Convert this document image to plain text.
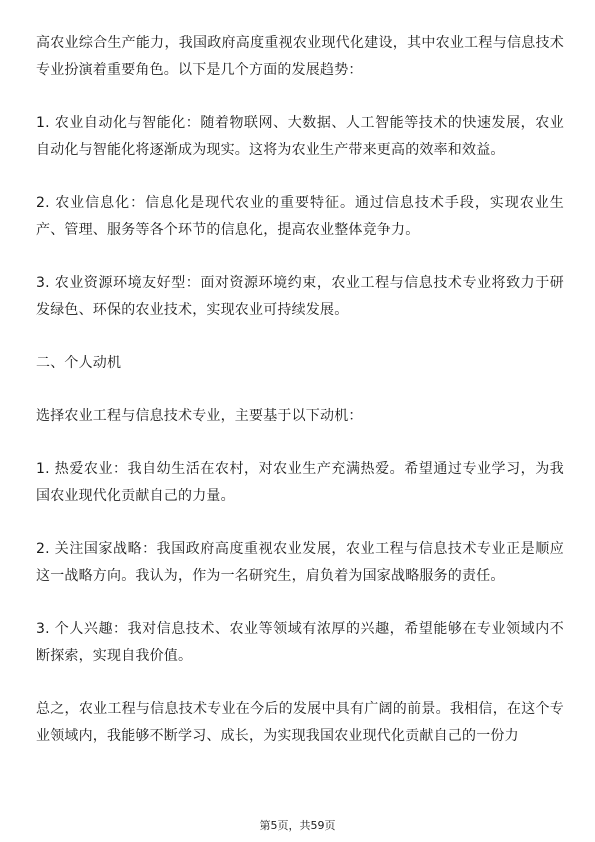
高农业综合生产能力，我国政府高度重视农业现代化建设，其中农业工程与信息技术专业扮演着重要角色。以下是几个方面的发展趋势：

1. 农业自动化与智能化：随着物联网、大数据、人工智能等技术的快速发展，农业自动化与智能化将逐渐成为现实。这将为农业生产带来更高的效率和效益。

2. 农业信息化：信息化是现代农业的重要特征。通过信息技术手段，实现农业生产、管理、服务等各个环节的信息化，提高农业整体竞争力。

3. 农业资源环境友好型：面对资源环境约束，农业工程与信息技术专业将致力于研发绿色、环保的农业技术，实现农业可持续发展。

二、个人动机

选择农业工程与信息技术专业，主要基于以下动机：

1. 热爱农业：我自幼生活在农村，对农业生产充满热爱。希望通过专业学习，为我国农业现代化贡献自己的力量。

2. 关注国家战略：我国政府高度重视农业发展，农业工程与信息技术专业正是顺应这一战略方向。我认为，作为一名研究生，肩负着为国家战略服务的责任。

3. 个人兴趣：我对信息技术、农业等领域有浓厚的兴趣，希望能够在专业领域内不断探索，实现自我价值。

总之，农业工程与信息技术专业在今后的发展中具有广阔的前景。我相信，在这个专业领域内，我能够不断学习、成长，为实现我国农业现代化贡献自己的一份力

第5页，共59页
